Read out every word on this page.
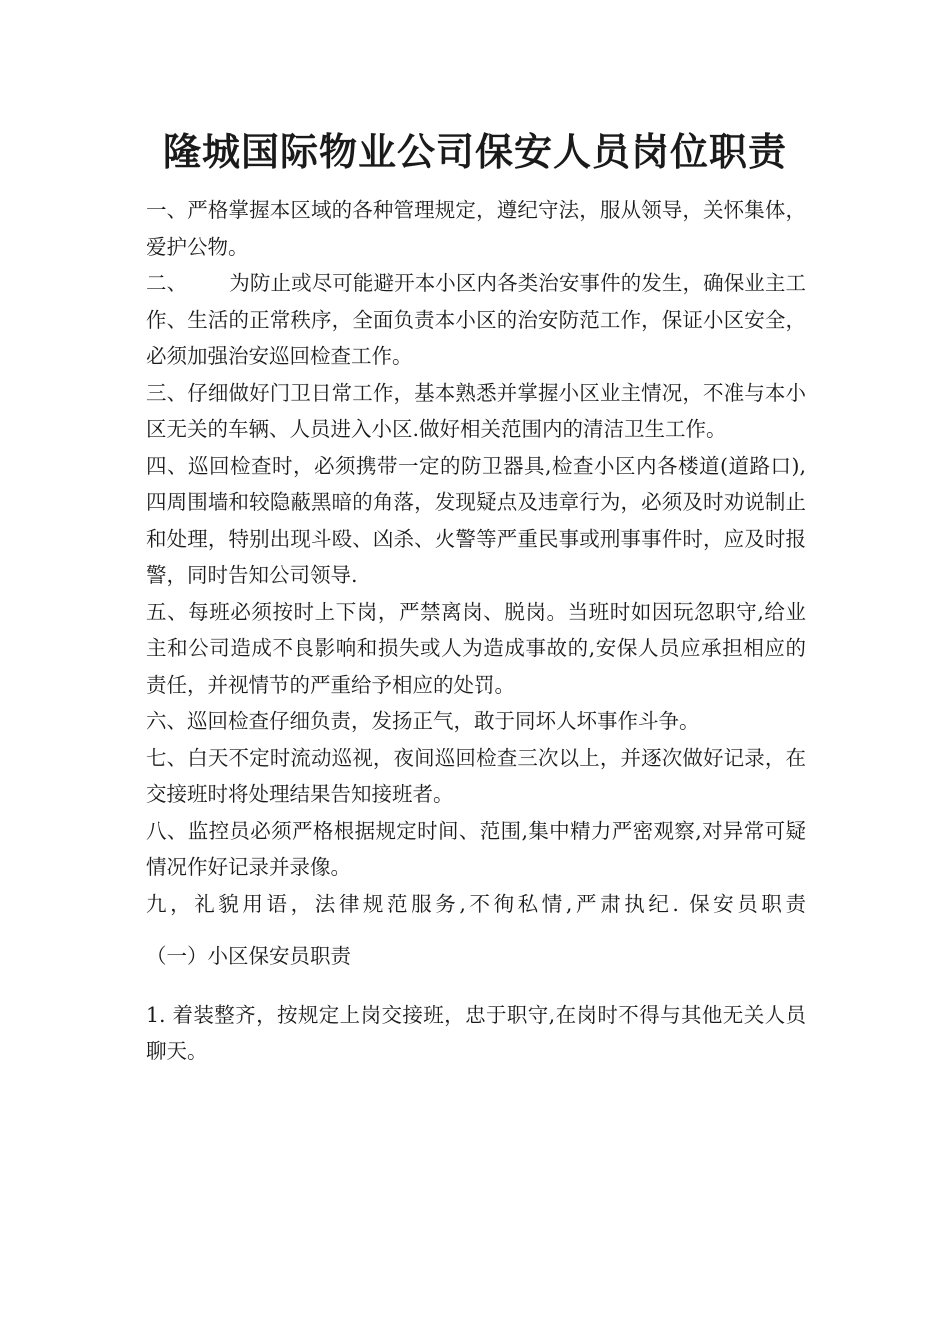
隆城国际物业公司保安人员岗位职责

一、严格掌握本区域的各种管理规定，遵纪守法，服从领导，关怀集体，爱护公物。

二、 为防止或尽可能避开本小区内各类治安事件的发生，确保业主工作、生活的正常秩序，全面负责本小区的治安防范工作，保证小区安全，必须加强治安巡回检查工作。

三、仔细做好门卫日常工作，基本熟悉并掌握小区业主情况，不准与本小区无关的车辆、人员进入小区.做好相关范围内的清洁卫生工作。

四、巡回检查时，必须携带一定的防卫器具,检查小区内各楼道(道路口),四周围墙和较隐蔽黑暗的角落，发现疑点及违章行为，必须及时劝说制止和处理，特别出现斗殴、凶杀、火警等严重民事或刑事事件时，应及时报警，同时告知公司领导.

五、每班必须按时上下岗，严禁离岗、脱岗。当班时如因玩忽职守,给业主和公司造成不良影响和损失或人为造成事故的,安保人员应承担相应的责任，并视情节的严重给予相应的处罚。

六、巡回检查仔细负责，发扬正气，敢于同坏人坏事作斗争。

七、白天不定时流动巡视，夜间巡回检查三次以上，并逐次做好记录，在交接班时将处理结果告知接班者。

八、监控员必须严格根据规定时间、范围,集中精力严密观察,对异常可疑情况作好记录并录像。

九，礼貌用语，法律规范服务,不徇私情,严肃执纪. 保安员职责

（一）小区保安员职责

1. 着装整齐，按规定上岗交接班，忠于职守,在岗时不得与其他无关人员聊天。
